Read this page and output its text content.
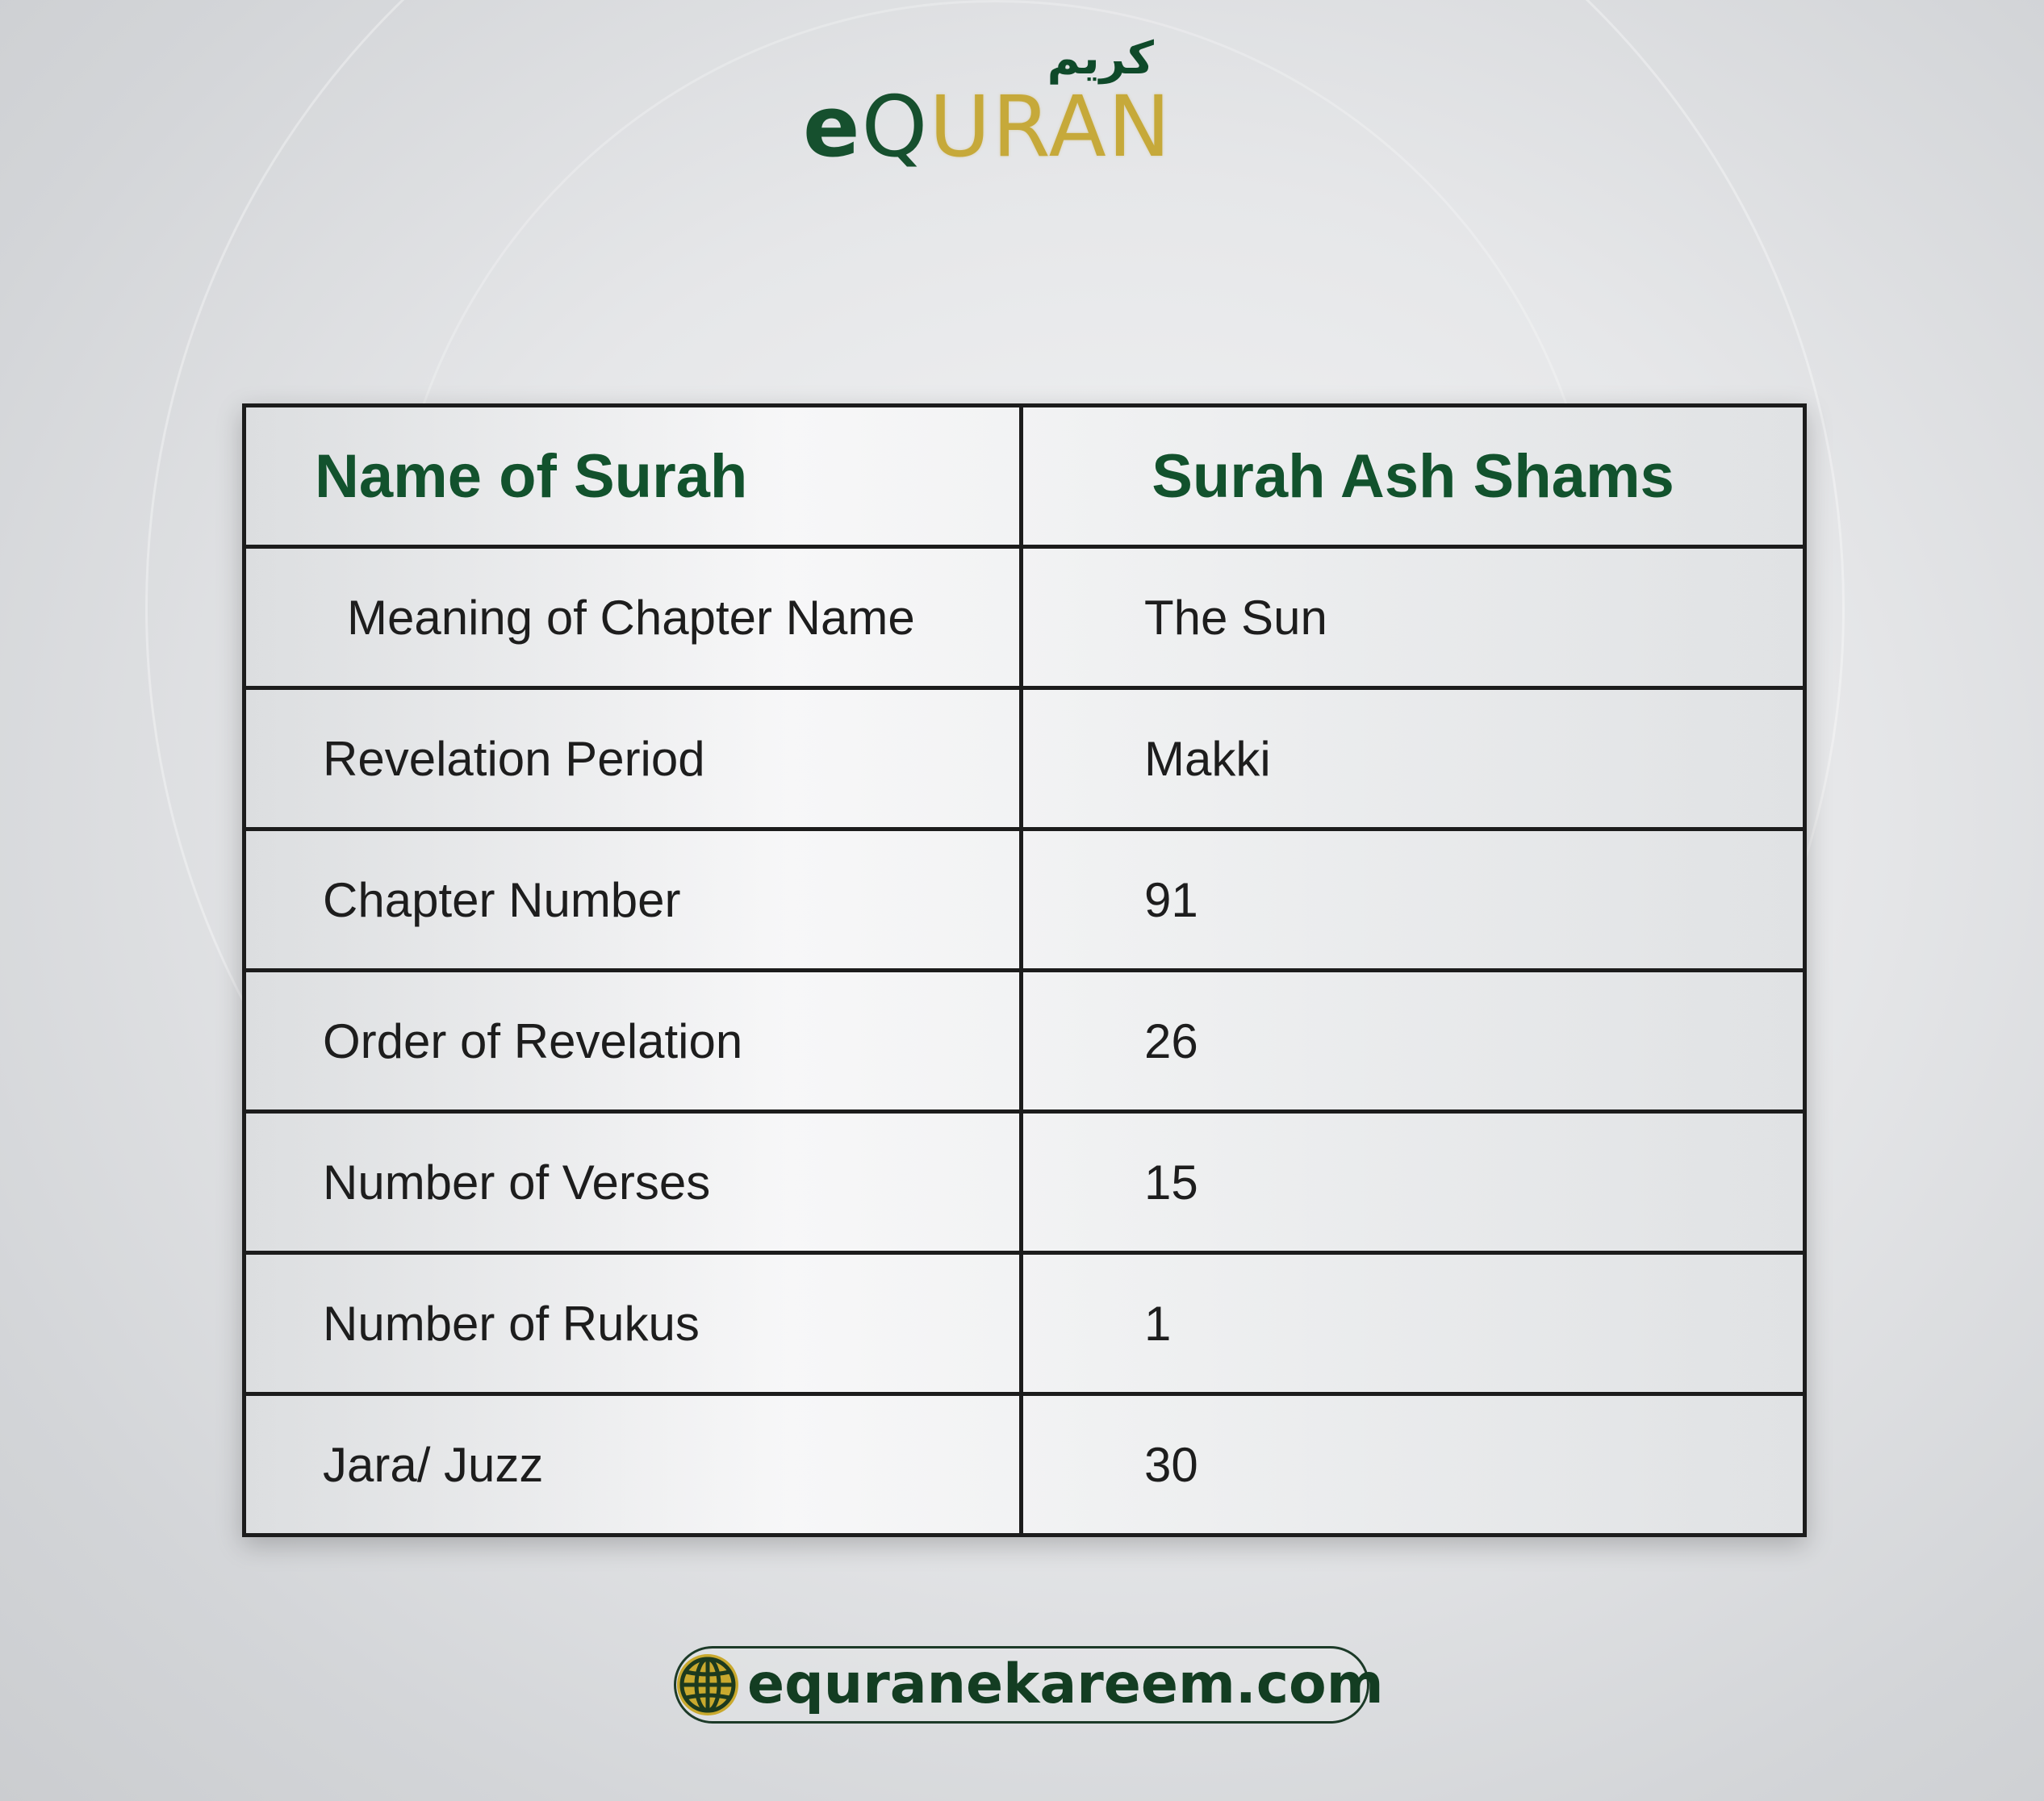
كريم
eQURAN
Name of Surah	Surah Ash Shams
Meaning of Chapter Name	The Sun
Revelation Period	Makki
Chapter Number	91
Order of Revelation	26
Number of Verses	15
Number of Rukus	1
Jara/ Juzz	30
equranekareem.com
